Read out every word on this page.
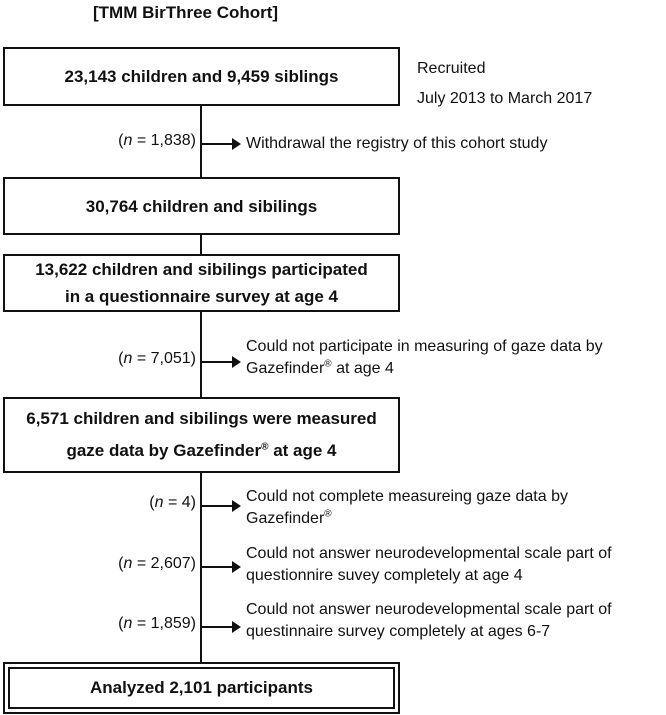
[TMM BirThree Cohort]
23,143 children and 9,459 siblings	Recruited
July 2013 to March 2017
(n = 1,838)	Withdrawal the registry of this cohort study
30,764 children and sibilings
13,622 children and sibilings participated
in a questionnaire survey at age 4
(n = 7,051)
Could not participate in measuring of gaze data by
Gazefinder® at age 4
6,571 children and sibilings were measured
gaze data by Gazefinder® at age 4
(n = 4)	Could not complete measureing gaze data by
Gazefinder®
(n = 2,607)
Could not answer neurodevelopmental scale part of
questionnire suvey completely at age 4
(n = 1,859)
Could not answer neurodevelopmental scale part of
questinnaire survey completely at ages 6-7
Analyzed 2,101 participants
